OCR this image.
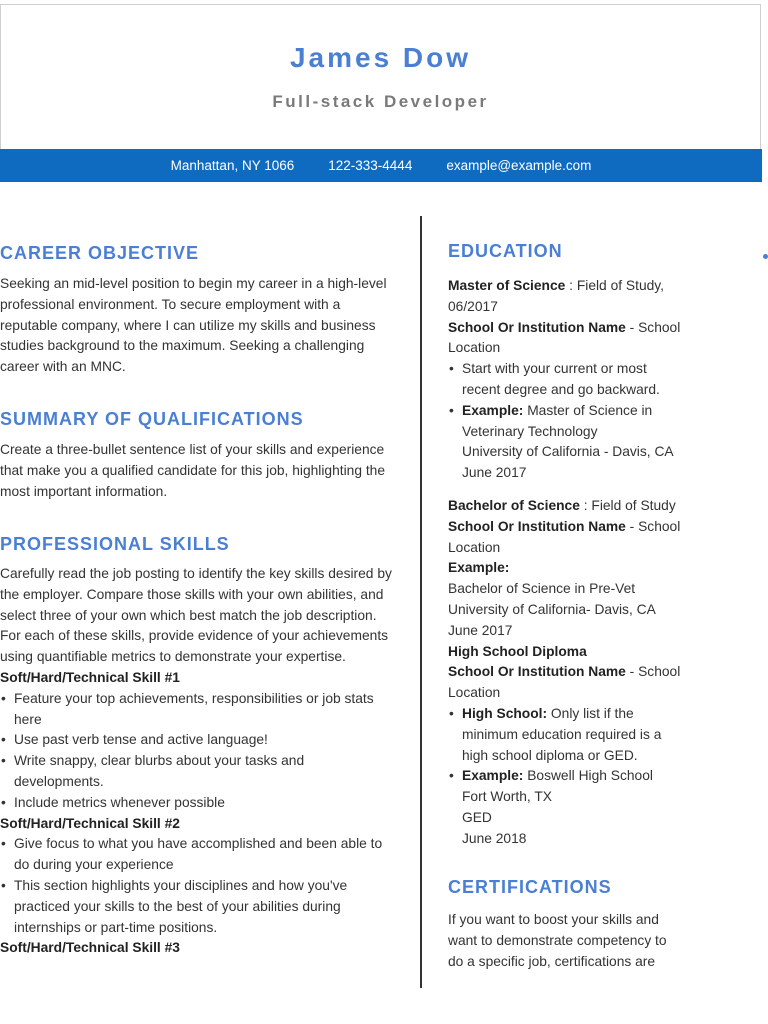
James Dow
Full-stack Developer
Manhattan, NY 1066	122-333-4444	example@example.com
CAREER OBJECTIVE

Seeking an mid-level position to begin my career in a high-level professional environment. To secure employment with a reputable company, where I can utilize my skills and business studies background to the maximum. Seeking a challenging career with an MNC.

SUMMARY OF QUALIFICATIONS

Create a three-bullet sentence list of your skills and experience that make you a qualified candidate for this job, highlighting the most important information.

PROFESSIONAL SKILLS

Carefully read the job posting to identify the key skills desired by the employer. Compare those skills with your own abilities, and select three of your own which best match the job description. For each of these skills, provide evidence of your achievements using quantifiable metrics to demonstrate your expertise.

Soft/Hard/Technical Skill #1

• Feature your top achievements, responsibilities or job stats here
• Use past verb tense and active language!
• Write snappy, clear blurbs about your tasks and developments.
• Include metrics whenever possible

Soft/Hard/Technical Skill #2

• Give focus to what you have accomplished and been able to do during your experience
• This section highlights your disciplines and how you've practiced your skills to the best of your abilities during internships or part-time positions.

Soft/Hard/Technical Skill #3

EDUCATION

Master of Science : Field of Study, 06/2017

School Or Institution Name - School Location

• Start with your current or most recent degree and go backward.
• Example: Master of Science in Veterinary Technology
University of California - Davis, CA
June 2017

Bachelor of Science : Field of Study

School Or Institution Name - School Location

Example:

Bachelor of Science in Pre-Vet

University of California- Davis, CA

June 2017

High School Diploma

School Or Institution Name - School Location

• High School: Only list if the minimum education required is a high school diploma or GED.
• Example: Boswell High School
Fort Worth, TX
GED
June 2018
CERTIFICATIONS

If you want to boost your skills and want to demonstrate competency to do a specific job, certifications are
